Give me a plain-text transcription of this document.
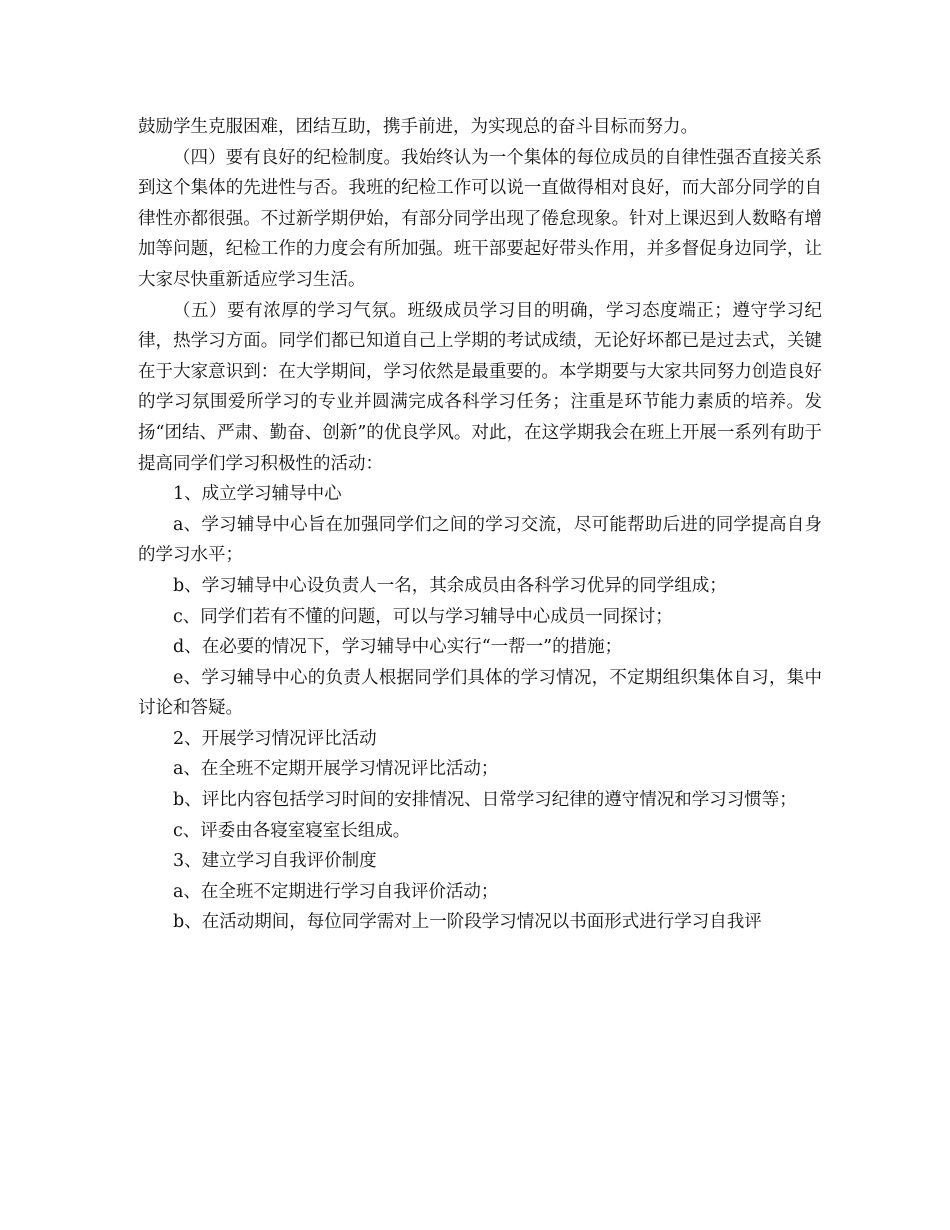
鼓励学生克服困难，团结互助，携手前进，为实现总的奋斗目标而努力。

（四）要有良好的纪检制度。我始终认为一个集体的每位成员的自律性强否直接关系到这个集体的先进性与否。我班的纪检工作可以说一直做得相对良好，而大部分同学的自律性亦都很强。不过新学期伊始，有部分同学出现了倦怠现象。针对上课迟到人数略有增加等问题，纪检工作的力度会有所加强。班干部要起好带头作用，并多督促身边同学，让大家尽快重新适应学习生活。

（五）要有浓厚的学习气氛。班级成员学习目的明确，学习态度端正；遵守学习纪律，热学习方面。同学们都已知道自己上学期的考试成绩，无论好坏都已是过去式，关键在于大家意识到：在大学期间，学习依然是最重要的。本学期要与大家共同努力创造良好的学习氛围爱所学习的专业并圆满完成各科学习任务；注重是环节能力素质的培养。发扬“团结、严肃、勤奋、创新”的优良学风。对此，在这学期我会在班上开展一系列有助于提高同学们学习积极性的活动：

1、成立学习辅导中心

a、学习辅导中心旨在加强同学们之间的学习交流，尽可能帮助后进的同学提高自身的学习水平；

b、学习辅导中心设负责人一名，其余成员由各科学习优异的同学组成；

c、同学们若有不懂的问题，可以与学习辅导中心成员一同探讨；

d、在必要的情况下，学习辅导中心实行“一帮一”的措施；

e、学习辅导中心的负责人根据同学们具体的学习情况，不定期组织集体自习，集中讨论和答疑。

2、开展学习情况评比活动

a、在全班不定期开展学习情况评比活动；

b、评比内容包括学习时间的安排情况、日常学习纪律的遵守情况和学习习惯等；

c、评委由各寝室寝室长组成。

3、建立学习自我评价制度

a、在全班不定期进行学习自我评价活动；

b、在活动期间，每位同学需对上一阶段学习情况以书面形式进行学习自我评
